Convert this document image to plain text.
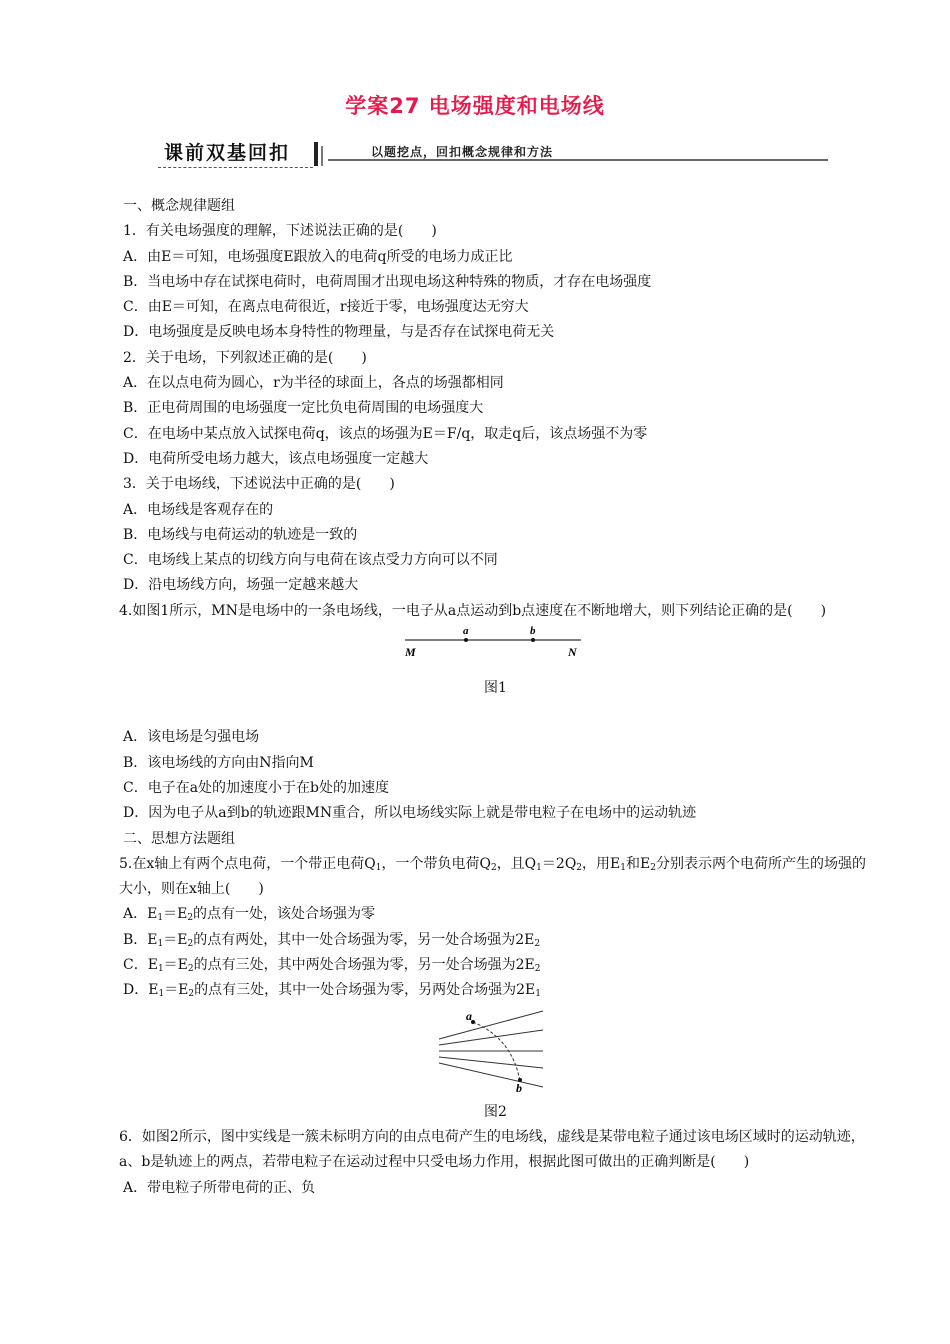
学案27 电场强度和电场线
课前双基回扣	以题挖点，回扣概念规律和方法
一、概念规律题组
1．有关电场强度的理解，下述说法正确的是(　　)
A．由E＝可知，电场强度E跟放入的电荷q所受的电场力成正比
B．当电场中存在试探电荷时，电荷周围才出现电场这种特殊的物质，才存在电场强度
C．由E＝可知，在离点电荷很近，r接近于零，电场强度达无穷大
D．电场强度是反映电场本身特性的物理量，与是否存在试探电荷无关
2．关于电场，下列叙述正确的是(　　)
A．在以点电荷为圆心，r为半径的球面上，各点的场强都相同
B．正电荷周围的电场强度一定比负电荷周围的电场强度大
C．在电场中某点放入试探电荷q，该点的场强为E＝F/q，取走q后，该点场强不为零
D．电荷所受电场力越大，该点电场强度一定越大
3．关于电场线，下述说法中正确的是(　　)
A．电场线是客观存在的
B．电场线与电荷运动的轨迹是一致的
C．电场线上某点的切线方向与电荷在该点受力方向可以不同
D．沿电场线方向，场强一定越来越大
4.如图1所示，MN是电场中的一条电场线，一电子从a点运动到b点速度在不断地增大，则下列结论正确的是(　　)
M	N
a	b
图1
A．该电场是匀强电场
B．该电场线的方向由N指向M
C．电子在a处的加速度小于在b处的加速度
D．因为电子从a到b的轨迹跟MN重合，所以电场线实际上就是带电粒子在电场中的运动轨迹
二、思想方法题组
5.在x轴上有两个点电荷，一个带正电荷$Q_1$，一个带负电荷$Q_2$，且$Q_1=2Q_2$，用$E_1$和$E_2$分别表示两个电荷所产生的场强的大小，则在x轴上(　　)
A．$E_1=E_2$的点有一处，该处合场强为零
B．$E_1=E_2$的点有两处，其中一处合场强为零，另一处合场强为$2E_2$
C．$E_1=E_2$的点有三处，其中两处合场强为零，另一处合场强为$2E_2$
D．$E_1=E_2$的点有三处，其中一处合场强为零，另两处合场强为$2E_1$
a
b
图2
6．如图2所示，图中实线是一簇未标明方向的由点电荷产生的电场线，虚线是某带电粒子通过该电场区域时的运动轨迹，a、b是轨迹上的两点，若带电粒子在运动过程中只受电场力作用，根据此图可做出的正确判断是(　　)
A．带电粒子所带电荷的正、负
